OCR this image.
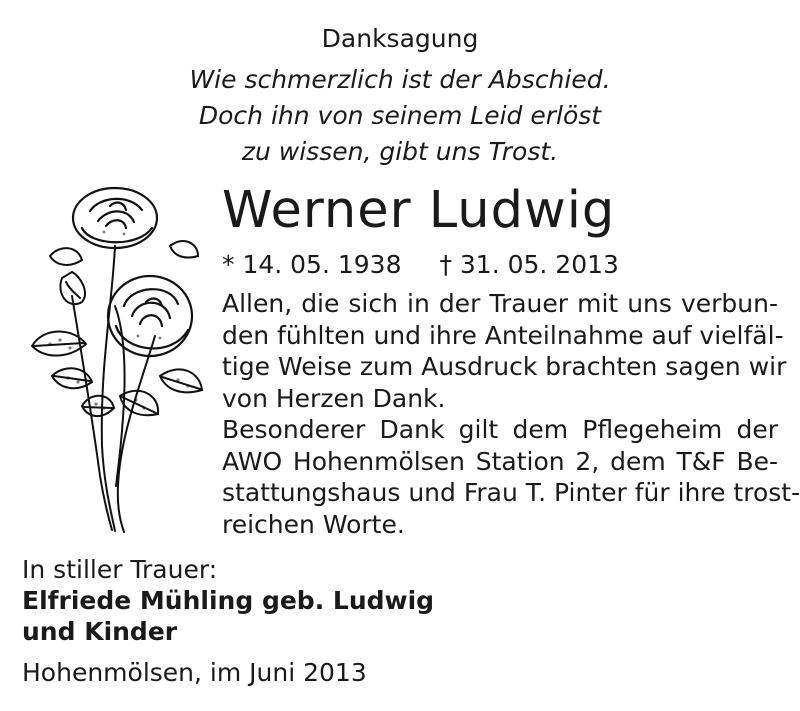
Danksagung
Wie schmerzlich ist der Abschied.
Doch ihn von seinem Leid erlöst
zu wissen, gibt uns Trost.
Werner Ludwig
* 14. 05. 1938 † 31. 05. 2013
Allen, die sich in der Trauer mit uns verbun-
den fühlten und ihre Anteilnahme auf vielfäl-
tige Weise zum Ausdruck brachten sagen wir
von Herzen Dank.
Besonderer Dank gilt dem Pflegeheim der
AWO Hohenmölsen Station 2, dem T&F Be-
stattungshaus und Frau T. Pinter für ihre trost-
reichen Worte.
In stiller Trauer:
Elfriede Mühling geb. Ludwig
und Kinder
Hohenmölsen, im Juni 2013
